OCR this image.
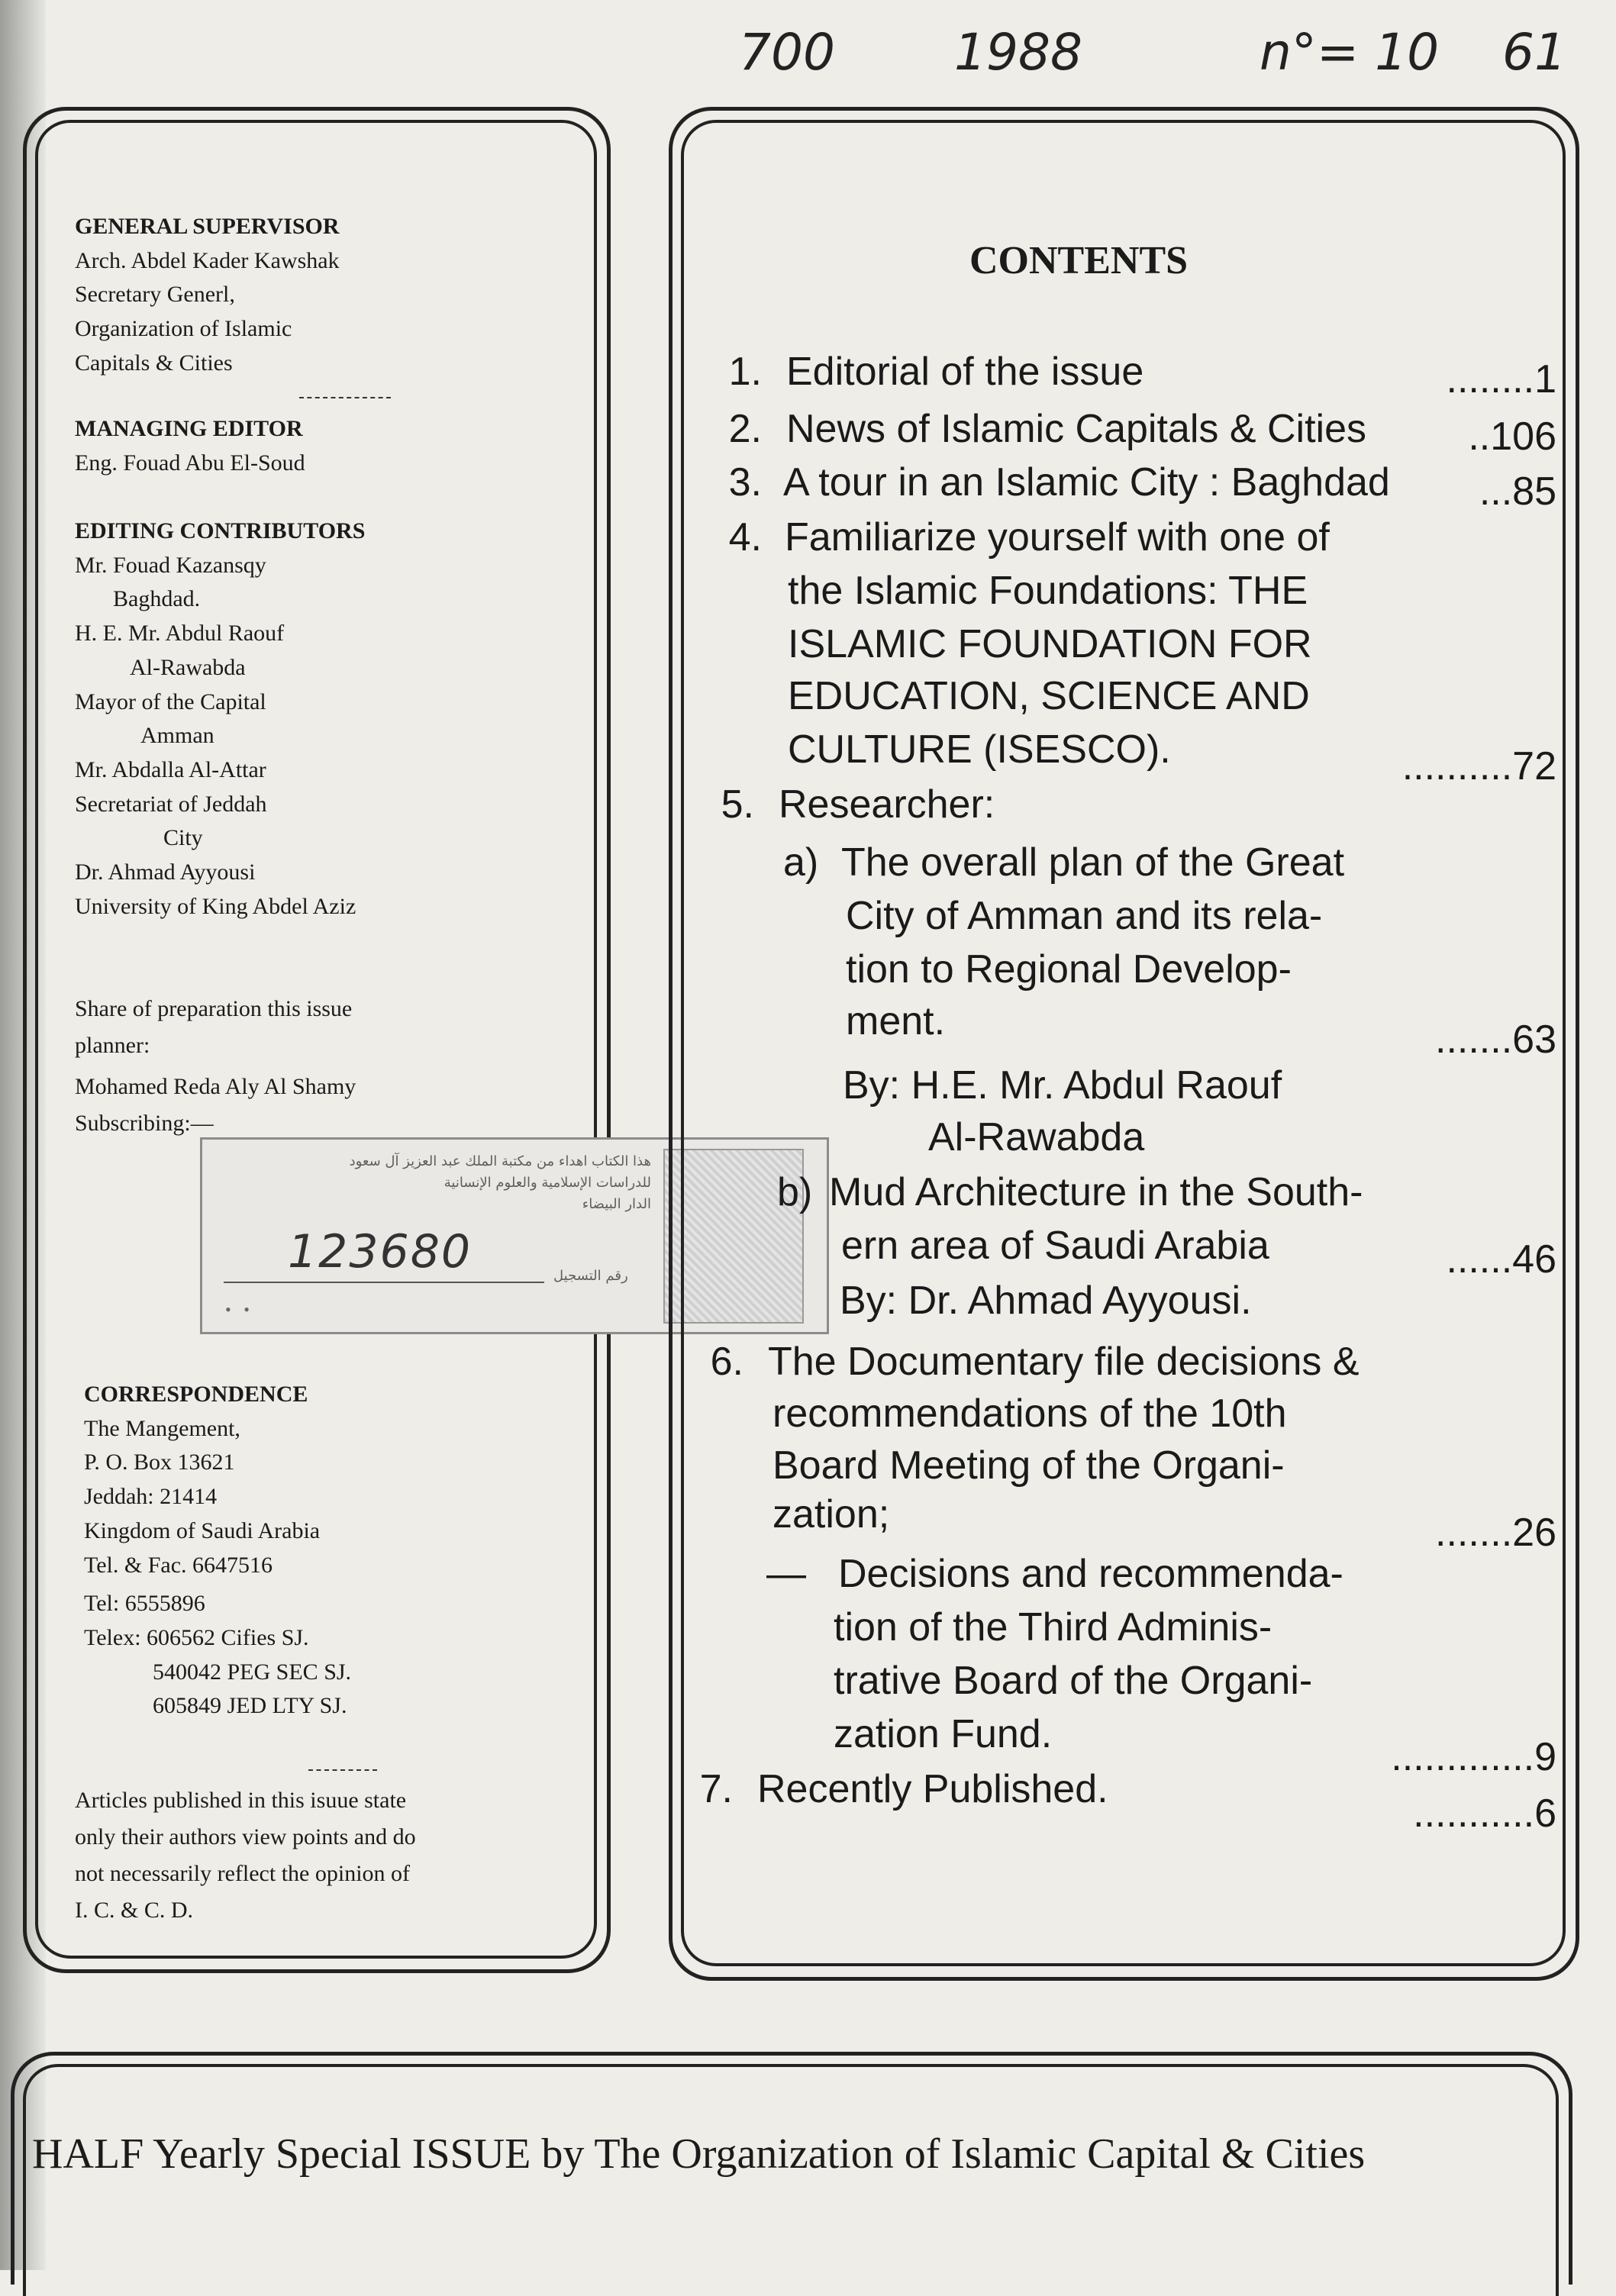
700 1988	n°= 10 61
GENERAL SUPERVISOR
Arch. Abdel Kader Kawshak
Secretary Generl,
Organization of Islamic
Capitals & Cities
MANAGING EDITOR
Eng. Fouad Abu El-Soud
EDITING CONTRIBUTORS
Mr. Fouad Kazansqy
Baghdad.
H. E. Mr. Abdul Raouf
Al-Rawabda
Mayor of the Capital
Amman
Mr. Abdalla Al-Attar
Secretariat of Jeddah
City
Dr. Ahmad Ayyousi
University of King Abdel Aziz
Share of preparation this issue
planner:
Mohamed Reda Aly Al Shamy
Subscribing:—
هذا الكتاب اهداء من مكتبة الملك عبد العزيز آل سعود
للدراسات الإسلامية والعلوم الإنسانية
الدار البيضاء
123680	رقم التسجيل
•   •
CORRESPONDENCE
The Mangement,
P. O. Box 13621
Jeddah: 21414
Kingdom of Saudi Arabia
Tel. & Fac. 6647516
Tel: 6555896
Telex: 606562 Cifies SJ.
540042 PEG SEC SJ.
605849 JED LTY SJ.
Articles published in this isuue state
only their authors view points and do
not necessarily reflect the opinion of
I. C. & C. D.
CONTENTS
1. Editorial of the issue	........1
2. News of Islamic Capitals & Cities	..106
3. A tour in an Islamic City : Baghdad ...85
4. Familiarize yourself with one of
the Islamic Foundations: THE
ISLAMIC FOUNDATION FOR
EDUCATION, SCIENCE AND
CULTURE (ISESCO).	..........72
5. Researcher:
a) The overall plan of the Great
City of Amman and its rela-
tion to Regional Develop-
ment.	.......63
By: H.E. Mr. Abdul Raouf
Al-Rawabda
b) Mud Architecture in the South-
ern area of Saudi Arabia	......46
By: Dr. Ahmad Ayyousi.
6. The Documentary file decisions &
recommendations of the 10th
Board Meeting of the Organi-
zation;	.......26
— Decisions and recommenda-
tion of the Third Adminis-
trative Board of the Organi-
zation Fund.
.............9
7. Recently Published.
...........6
HALF Yearly Special ISSUE by The Organization of Islamic Capital & Cities
